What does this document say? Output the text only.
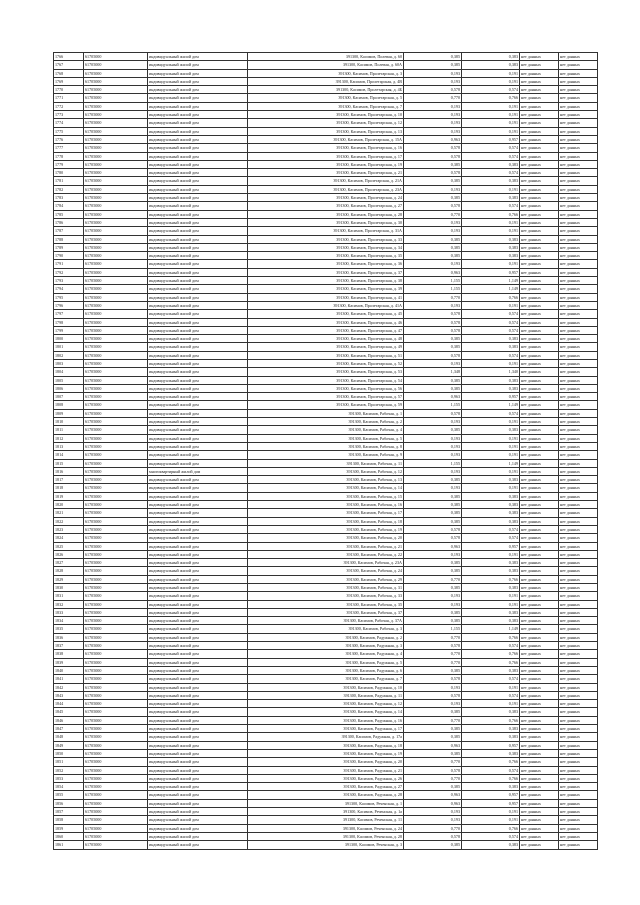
1766	61705000	индивидуальный жилой дом	391300, Касимов, Полевая, д. 60	0,385	0,383	нет данных	нет данных
1767	61705000	индивидуальный жилой дом	391300, Касимов, Полевая, д. 60А	0,385	0,383	нет данных	нет данных
1768	61705000	индивидуальный жилой дом	391300, Касимов, Пролетарская, д. 3	0,193	0,191	нет данных	нет данных
1769	61705000	индивидуальный жилой дом	391300, Касимов, Пролетарская, д. 4В	0,193	0,191	нет данных	нет данных
1770	61705000	индивидуальный жилой дом	391300, Касимов, Пролетарская, д. 4Б	0,578	0,574	нет данных	нет данных
1771	61705000	индивидуальный жилой дом	391300, Касимов, Пролетарская, д. 5	0,770	0,766	нет данных	нет данных
1772	61705000	индивидуальный жилой дом	391300, Касимов, Пролетарская, д. 7	0,193	0,191	нет данных	нет данных
1773	61705000	индивидуальный жилой дом	391300, Касимов, Пролетарская, д. 10	0,193	0,191	нет данных	нет данных
1774	61705000	индивидуальный жилой дом	391300, Касимов, Пролетарская, д. 12	0,193	0,191	нет данных	нет данных
1775	61705000	индивидуальный жилой дом	391300, Касимов, Пролетарская, д. 13	0,193	0,191	нет данных	нет данных
1776	61705000	индивидуальный жилой дом	391300, Касимов, Пролетарская, д. 15А	0,963	0,957	нет данных	нет данных
1777	61705000	индивидуальный жилой дом	391300, Касимов, Пролетарская, д. 16	0,578	0,574	нет данных	нет данных
1778	61705000	индивидуальный жилой дом	391300, Касимов, Пролетарская, д. 17	0,578	0,574	нет данных	нет данных
1779	61705000	индивидуальный жилой дом	391300, Касимов, Пролетарская, д. 19	0,385	0,383	нет данных	нет данных
1780	61705000	индивидуальный жилой дом	391300, Касимов, Пролетарская, д. 21	0,578	0,574	нет данных	нет данных
1781	61705000	индивидуальный жилой дом	391300, Касимов, Пролетарская, д. 21А	0,385	0,383	нет данных	нет данных
1782	61705000	индивидуальный жилой дом	391300, Касимов, Пролетарская, д. 23А	0,193	0,191	нет данных	нет данных
1783	61705000	индивидуальный жилой дом	391300, Касимов, Пролетарская, д. 24	0,385	0,383	нет данных	нет данных
1784	61705000	индивидуальный жилой дом	391300, Касимов, Пролетарская, д. 27	0,578	0,574	нет данных	нет данных
1785	61705000	индивидуальный жилой дом	391300, Касимов, Пролетарская, д. 28	0,770	0,766	нет данных	нет данных
1786	61705000	индивидуальный жилой дом	391300, Касимов, Пролетарская, д. 30	0,193	0,191	нет данных	нет данных
1787	61705000	индивидуальный жилой дом	391300, Касимов, Пролетарская, д. 31А	0,193	0,191	нет данных	нет данных
1788	61705000	индивидуальный жилой дом	391300, Касимов, Пролетарская, д. 33	0,385	0,383	нет данных	нет данных
1789	61705000	индивидуальный жилой дом	391300, Касимов, Пролетарская, д. 34	0,385	0,383	нет данных	нет данных
1790	61705000	индивидуальный жилой дом	391300, Касимов, Пролетарская, д. 35	0,385	0,383	нет данных	нет данных
1791	61705000	индивидуальный жилой дом	391300, Касимов, Пролетарская, д. 36	0,193	0,191	нет данных	нет данных
1792	61705000	индивидуальный жилой дом	391300, Касимов, Пролетарская, д. 37	0,963	0,957	нет данных	нет данных
1793	61705000	индивидуальный жилой дом	391300, Касимов, Пролетарская, д. 38	1,155	1,149	нет данных	нет данных
1794	61705000	индивидуальный жилой дом	391300, Касимов, Пролетарская, д. 39	1,155	1,149	нет данных	нет данных
1795	61705000	индивидуальный жилой дом	391300, Касимов, Пролетарская, д. 41	0,770	0,766	нет данных	нет данных
1796	61705000	индивидуальный жилой дом	391300, Касимов, Пролетарская, д. 41А	0,193	0,191	нет данных	нет данных
1797	61705000	индивидуальный жилой дом	391300, Касимов, Пролетарская, д. 45	0,578	0,574	нет данных	нет данных
1798	61705000	индивидуальный жилой дом	391300, Касимов, Пролетарская, д. 46	0,578	0,574	нет данных	нет данных
1799	61705000	индивидуальный жилой дом	391300, Касимов, Пролетарская, д. 47	0,578	0,574	нет данных	нет данных
1800	61705000	индивидуальный жилой дом	391300, Касимов, Пролетарская, д. 48	0,385	0,383	нет данных	нет данных
1801	61705000	индивидуальный жилой дом	391300, Касимов, Пролетарская, д. 49	0,385	0,383	нет данных	нет данных
1802	61705000	индивидуальный жилой дом	391300, Касимов, Пролетарская, д. 51	0,578	0,574	нет данных	нет данных
1803	61705000	индивидуальный жилой дом	391300, Касимов, Пролетарская, д. 52	0,193	0,191	нет данных	нет данных
1804	61705000	индивидуальный жилой дом	391300, Касимов, Пролетарская, д. 53	1,348	1,340	нет данных	нет данных
1805	61705000	индивидуальный жилой дом	391300, Касимов, Пролетарская, д. 54	0,385	0,383	нет данных	нет данных
1806	61705000	индивидуальный жилой дом	391300, Касимов, Пролетарская, д. 56	0,385	0,383	нет данных	нет данных
1807	61705000	индивидуальный жилой дом	391300, Касимов, Пролетарская, д. 57	0,963	0,957	нет данных	нет данных
1808	61705000	индивидуальный жилой дом	391300, Касимов, Пролетарская, д. 59	1,155	1,149	нет данных	нет данных
1809	61705000	индивидуальный жилой дом	391300, Касимов, Рабочая, д. 1	0,578	0,574	нет данных	нет данных
1810	61705000	индивидуальный жилой дом	391300, Касимов, Рабочая, д. 2	0,193	0,191	нет данных	нет данных
1811	61705000	индивидуальный жилой дом	391300, Касимов, Рабочая, д. 4	0,385	0,383	нет данных	нет данных
1812	61705000	индивидуальный жилой дом	391300, Касимов, Рабочая, д. 5	0,193	0,191	нет данных	нет данных
1813	61705000	индивидуальный жилой дом	391300, Касимов, Рабочая, д. 8	0,193	0,191	нет данных	нет данных
1814	61705000	индивидуальный жилой дом	391300, Касимов, Рабочая, д. 9	0,193	0,191	нет данных	нет данных
1815	61705000	индивидуальный жилой дом	391300, Касимов, Рабочая, д. 11	1,155	1,149	нет данных	нет данных
1816	61705000	многоквартирный жилой дом	391300, Касимов, Рабочая, д. 12	0,193	0,191	нет данных	нет данных
1817	61705000	индивидуальный жилой дом	391300, Касимов, Рабочая, д. 13	0,385	0,383	нет данных	нет данных
1818	61705000	индивидуальный жилой дом	391300, Касимов, Рабочая, д. 14	0,193	0,191	нет данных	нет данных
1819	61705000	индивидуальный жилой дом	391300, Касимов, Рабочая, д. 15	0,385	0,383	нет данных	нет данных
1820	61705000	индивидуальный жилой дом	391300, Касимов, Рабочая, д. 16	0,385	0,383	нет данных	нет данных
1821	61705000	индивидуальный жилой дом	391300, Касимов, Рабочая, д. 17	0,385	0,383	нет данных	нет данных
1822	61705000	индивидуальный жилой дом	391300, Касимов, Рабочая, д. 18	0,385	0,383	нет данных	нет данных
1823	61705000	индивидуальный жилой дом	391300, Касимов, Рабочая, д. 19	0,578	0,574	нет данных	нет данных
1824	61705000	индивидуальный жилой дом	391300, Касимов, Рабочая, д. 20	0,578	0,574	нет данных	нет данных
1825	61705000	индивидуальный жилой дом	391300, Касимов, Рабочая, д. 21	0,963	0,957	нет данных	нет данных
1826	61705000	индивидуальный жилой дом	391300, Касимов, Рабочая, д. 22	0,193	0,191	нет данных	нет данных
1827	61705000	индивидуальный жилой дом	391300, Касимов, Рабочая, д. 23А	0,385	0,383	нет данных	нет данных
1828	61705000	индивидуальный жилой дом	391300, Касимов, Рабочая, д. 24	0,385	0,383	нет данных	нет данных
1829	61705000	индивидуальный жилой дом	391300, Касимов, Рабочая, д. 29	0,770	0,766	нет данных	нет данных
1830	61705000	индивидуальный жилой дом	391300, Касимов, Рабочая, д. 31	0,385	0,383	нет данных	нет данных
1831	61705000	индивидуальный жилой дом	391300, Касимов, Рабочая, д. 33	0,193	0,191	нет данных	нет данных
1832	61705000	индивидуальный жилой дом	391300, Касимов, Рабочая, д. 35	0,193	0,191	нет данных	нет данных
1833	61705000	индивидуальный жилой дом	391300, Касимов, Рабочая, д. 37	0,385	0,383	нет данных	нет данных
1834	61705000	индивидуальный жилой дом	391300, Касимов, Рабочая, д. 37А	0,385	0,383	нет данных	нет данных
1835	61705000	индивидуальный жилой дом	391300, Касимов, Рабочая, д. 3	1,155	1,149	нет данных	нет данных
1836	61705000	индивидуальный жилой дом	391300, Касимов, Радужная, д. 2	0,770	0,766	нет данных	нет данных
1837	61705000	индивидуальный жилой дом	391300, Касимов, Радужная, д. 3	0,578	0,574	нет данных	нет данных
1838	61705000	индивидуальный жилой дом	391300, Касимов, Радужная, д. 4	0,770	0,766	нет данных	нет данных
1839	61705000	индивидуальный жилой дом	391300, Касимов, Радужная, д. 5	0,770	0,766	нет данных	нет данных
1840	61705000	индивидуальный жилой дом	391300, Касимов, Радужная, д. 6	0,385	0,383	нет данных	нет данных
1841	61705000	индивидуальный жилой дом	391300, Касимов, Радужная, д. 7	0,578	0,574	нет данных	нет данных
1842	61705000	индивидуальный жилой дом	391300, Касимов, Радужная, д. 10	0,193	0,191	нет данных	нет данных
1843	61705000	индивидуальный жилой дом	391300, Касимов, Радужная, д. 11	0,578	0,574	нет данных	нет данных
1844	61705000	индивидуальный жилой дом	391300, Касимов, Радужная, д. 12	0,193	0,191	нет данных	нет данных
1845	61705000	индивидуальный жилой дом	391300, Касимов, Радужная, д. 14	0,385	0,383	нет данных	нет данных
1846	61705000	индивидуальный жилой дом	391300, Касимов, Радужная, д. 16	0,770	0,766	нет данных	нет данных
1847	61705000	индивидуальный жилой дом	391300, Касимов, Радужная, д. 17	0,385	0,383	нет данных	нет данных
1848	61705000	индивидуальный жилой дом	391300, Касимов, Радужная, д. 17а	0,385	0,383	нет данных	нет данных
1849	61705000	индивидуальный жилой дом	391300, Касимов, Радужная, д. 18	0,963	0,957	нет данных	нет данных
1850	61705000	индивидуальный жилой дом	391300, Касимов, Радужная, д. 19	0,385	0,383	нет данных	нет данных
1851	61705000	индивидуальный жилой дом	391300, Касимов, Радужная, д. 20	0,770	0,766	нет данных	нет данных
1852	61705000	индивидуальный жилой дом	391300, Касимов, Радужная, д. 21	0,578	0,574	нет данных	нет данных
1853	61705000	индивидуальный жилой дом	391300, Касимов, Радужная, д. 26	0,770	0,766	нет данных	нет данных
1854	61705000	индивидуальный жилой дом	391300, Касимов, Радужная, д. 27	0,385	0,383	нет данных	нет данных
1855	61705000	индивидуальный жилой дом	391300, Касимов, Радужная, д. 28	0,963	0,957	нет данных	нет данных
1856	61705000	индивидуальный жилой дом	391300, Касимов, Реченская, д. 1	0,963	0,957	нет данных	нет данных
1857	61705000	индивидуальный жилой дом	391300, Касимов, Реченская, д. 1а	0,193	0,191	нет данных	нет данных
1858	61705000	индивидуальный жилой дом	391300, Касимов, Реченская, д. 11	0,193	0,191	нет данных	нет данных
1859	61705000	индивидуальный жилой дом	391300, Касимов, Реченская, д. 24	0,770	0,766	нет данных	нет данных
1860	61705000	индивидуальный жилой дом	391300, Касимов, Реченская, д. 28	0,578	0,574	нет данных	нет данных
1861	61705000	индивидуальный жилой дом	391300, Касимов, Реченская, д. 3	0,385	0,383	нет данных	нет данных
